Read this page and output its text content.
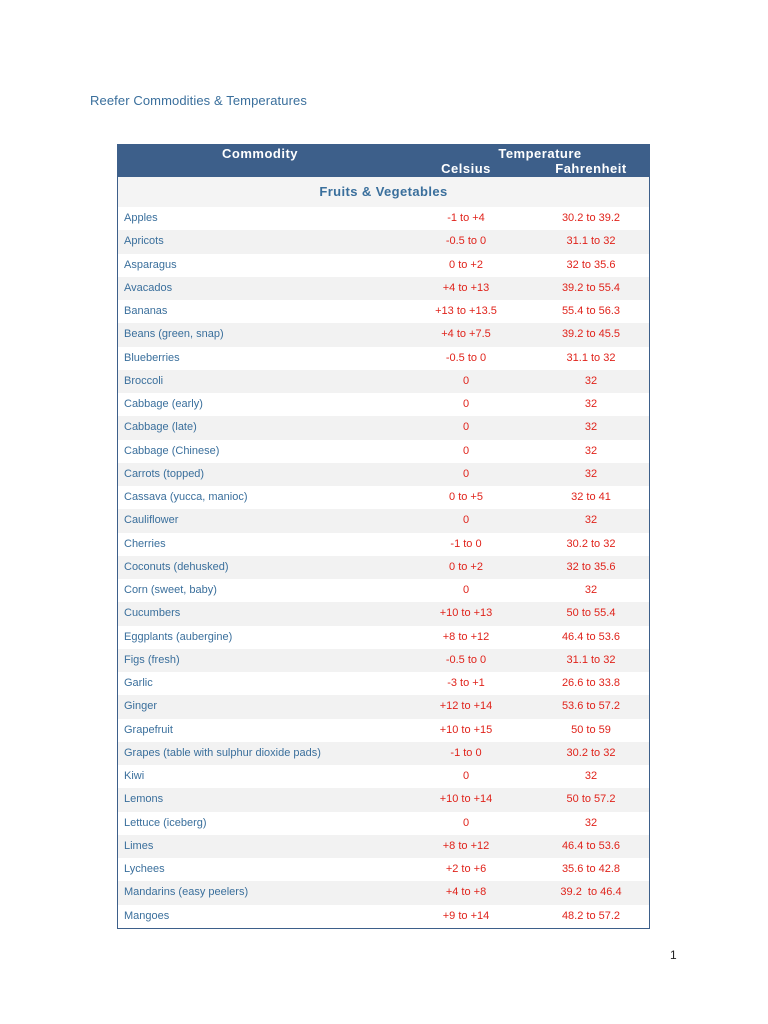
Reefer Commodities & Temperatures
Commodity	Temperature
Celsius	Fahrenheit
Fruits & Vegetables
Apples	-1 to +4	30.2 to 39.2
Apricots	-0.5 to 0	31.1 to 32
Asparagus	0 to +2	32 to 35.6
Avacados	+4 to +13	39.2 to 55.4
Bananas	+13 to +13.5	55.4 to 56.3
Beans (green, snap)	+4 to +7.5	39.2 to 45.5
Blueberries	-0.5 to 0	31.1 to 32
Broccoli	0	32
Cabbage (early)	0	32
Cabbage (late)	0	32
Cabbage (Chinese)	0	32
Carrots (topped)	0	32
Cassava (yucca, manioc)	0 to +5	32 to 41
Cauliflower	0	32
Cherries	-1 to 0	30.2 to 32
Coconuts (dehusked)	0 to +2	32 to 35.6
Corn (sweet, baby)	0	32
Cucumbers	+10 to +13	50 to 55.4
Eggplants (aubergine)	+8 to +12	46.4 to 53.6
Figs (fresh)	-0.5 to 0	31.1 to 32
Garlic	-3 to +1	26.6 to 33.8
Ginger	+12 to +14	53.6 to 57.2
Grapefruit	+10 to +15	50 to 59
Grapes (table with sulphur dioxide pads)	-1 to 0	30.2 to 32
Kiwi	0	32
Lemons	+10 to +14	50 to 57.2
Lettuce (iceberg)	0	32
Limes	+8 to +12	46.4 to 53.6
Lychees	+2 to +6	35.6 to 42.8
Mandarins (easy peelers)	+4 to +8	39.2  to 46.4
Mangoes	+9 to +14	48.2 to 57.2
1
